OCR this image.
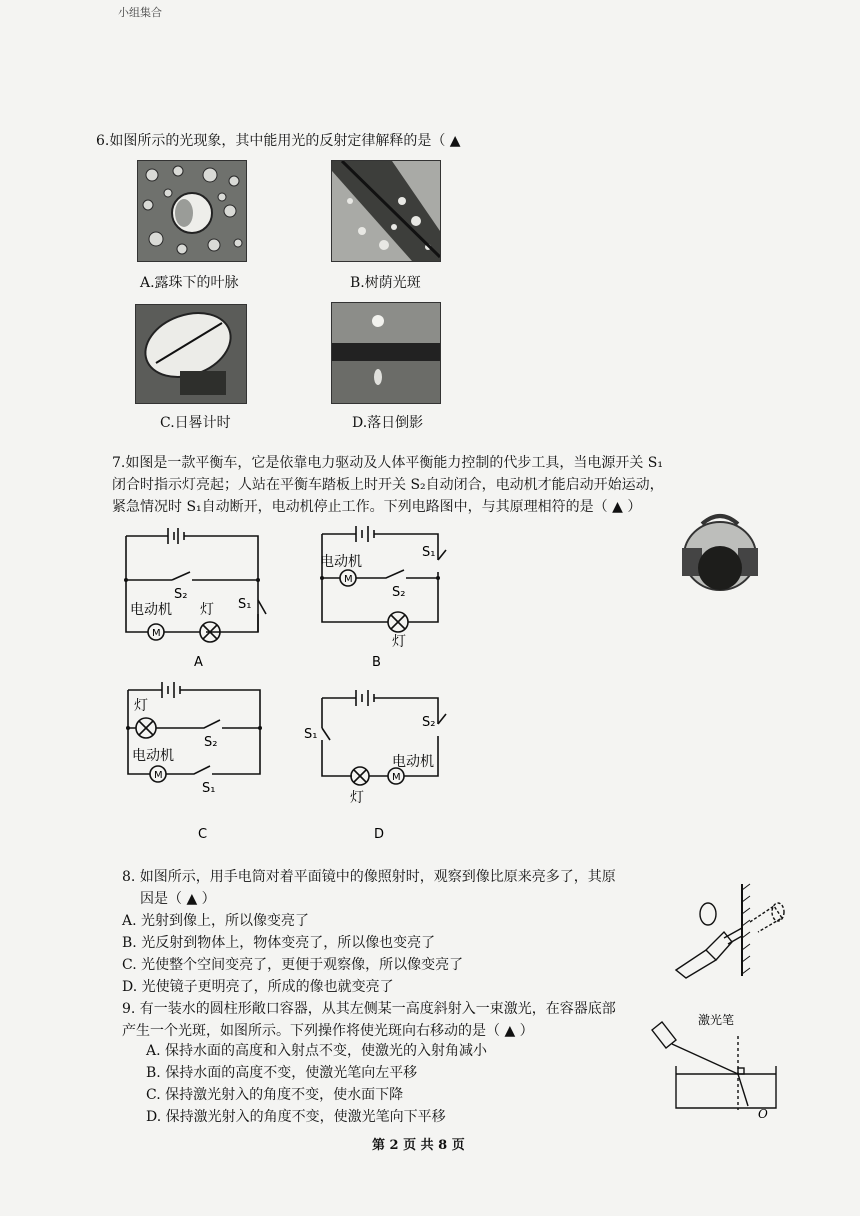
小组集合
6.如图所示的光现象，其中能用光的反射定律解释的是（ ▲
A.露珠下的叶脉	B.树荫光斑
C.日晷计时	D.落日倒影
7.如图是一款平衡车，它是依靠电力驱动及人体平衡能力控制的代步工具，当电源开关 S₁
闭合时指示灯亮起；人站在平衡车踏板上时开关 S₂自动闭合，电动机才能启动开始运动，
紧急情况时 S₁自动断开，电动机停止工作。下列电路图中，与其原理相符的是（ ▲ ）
M
S₂
电动机 灯 S₁
A
电动机
M
S₂
S₁
灯
B
灯
S₂
电动机
M
S₁
C
S₁
S₂
电动机
M
灯
D
8. 如图所示，用手电筒对着平面镜中的像照射时，观察到像比原来亮多了，其原
因是（ ▲ ）
A. 光射到像上，所以像变亮了
B. 光反射到物体上，物体变亮了，所以像也变亮了
C. 光使整个空间变亮了，更便于观察像，所以像变亮了
D. 光使镜子更明亮了，所成的像也就变亮了
9. 有一装水的圆柱形敞口容器，从其左侧某一高度斜射入一束激光，在容器底部
产生一个光斑，如图所示。下列操作将使光斑向右移动的是（ ▲ ）
A. 保持水面的高度和入射点不变，使激光的入射角减小
B. 保持水面的高度不变，使激光笔向左平移
C. 保持激光射入的角度不变，使水面下降
D. 保持激光射入的角度不变，使激光笔向下平移
激光笔
O
第 2 页 共 8 页
